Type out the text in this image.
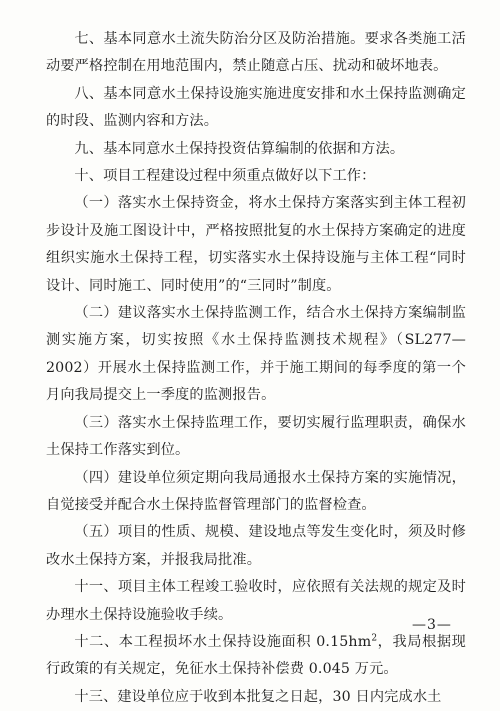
七、基本同意水土流失防治分区及防治措施。要求各类施工活动要严格控制在用地范围内，禁止随意占压、扰动和破坏地表。

八、基本同意水土保持设施实施进度安排和水土保持监测确定的时段、监测内容和方法。

九、基本同意水土保持投资估算编制的依据和方法。

十、项目工程建设过程中须重点做好以下工作：

（一）落实水土保持资金，将水土保持方案落实到主体工程初步设计及施工图设计中，严格按照批复的水土保持方案确定的进度组织实施水土保持工程，切实落实水土保持设施与主体工程“同时设计、同时施工、同时使用”的“三同时”制度。

（二）建议落实水土保持监测工作，结合水土保持方案编制监测实施方案，切实按照《水土保持监测技术规程》（SL277—2002）开展水土保持监测工作，并于施工期间的每季度的第一个月向我局提交上一季度的监测报告。

（三）落实水土保持监理工作，要切实履行监理职责，确保水土保持工作落实到位。

（四）建设单位须定期向我局通报水土保持方案的实施情况，自觉接受并配合水土保持监督管理部门的监督检查。

（五）项目的性质、规模、建设地点等发生变化时，须及时修改水土保持方案，并报我局批准。

十一、项目主体工程竣工验收时，应依照有关法规的规定及时办理水土保持设施验收手续。

十二、本工程损坏水土保持设施面积 $0.15hm^2$，我局根据现行政策的有关规定，免征水土保持补偿费 0.045 万元。

十三、建设单位应于收到本批复之日起，30 日内完成水土

—3—
